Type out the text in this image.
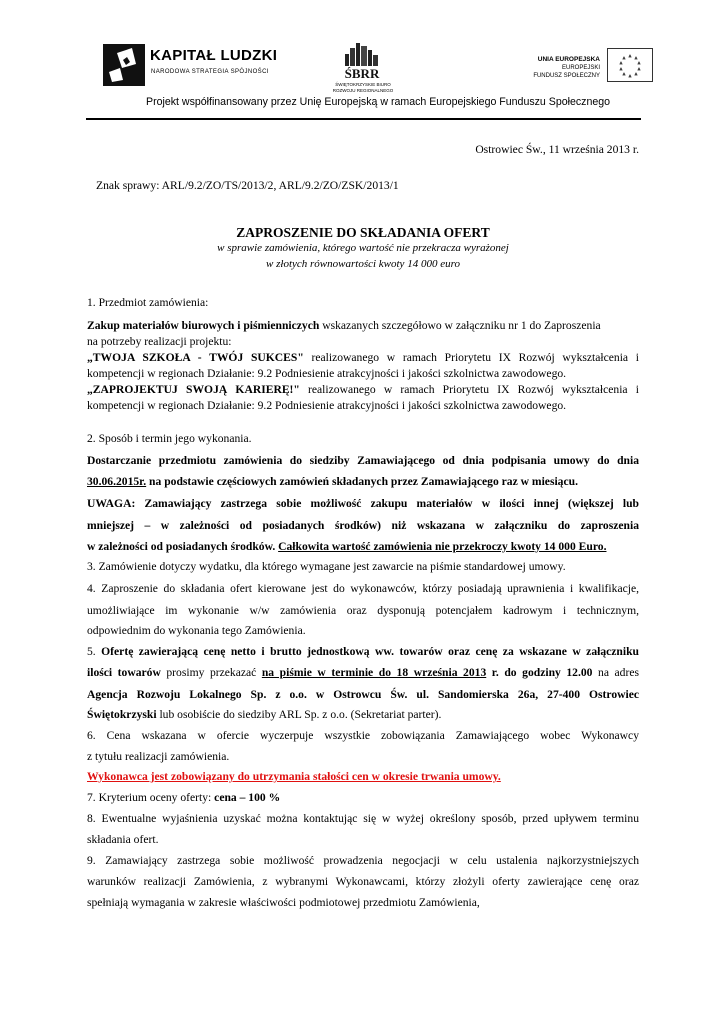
KAPITAŁ LUDZKI
NARODOWA STRATEGIA SPÓJNOŚCI	ŚBRR
ŚWIĘTOKRZYSKIE BIURO ROZWOJU REGIONALNEGO
UNIA EUROPEJSKA
EUROPEJSKI
FUNDUSZ SPOŁECZNY
Projekt współfinansowany przez Unię Europejską w ramach Europejskiego Funduszu Społecznego

Ostrowiec Św., 11 września 2013 r.

Znak sprawy: ARL/9.2/ZO/TS/2013/2, ARL/9.2/ZO/ZSK/2013/1

ZAPROSZENIE DO SKŁADANIA OFERT

w sprawie zamówienia, którego wartość nie przekracza wyrażonej

w złotych równowartości kwoty 14 000 euro

1. Przedmiot zamówienia:

Zakup materiałów biurowych i piśmienniczych wskazanych szczegółowo w załączniku nr 1 do Zaproszenia

na potrzeby realizacji projektu:

„TWOJA SZKOŁA - TWÓJ SUKCES" realizowanego w ramach Priorytetu IX Rozwój wykształcenia i

kompetencji w regionach Działanie: 9.2 Podniesienie atrakcyjności i jakości szkolnictwa zawodowego.

„ZAPROJEKTUJ SWOJĄ KARIERĘ!" realizowanego w ramach Priorytetu IX Rozwój wykształcenia i

kompetencji w regionach Działanie: 9.2 Podniesienie atrakcyjności i jakości szkolnictwa zawodowego.

2. Sposób i termin jego wykonania.

Dostarczanie przedmiotu zamówienia do siedziby Zamawiającego od dnia podpisania umowy do dnia

30.06.2015r. na podstawie częściowych zamówień składanych przez Zamawiającego raz w miesiącu.

UWAGA: Zamawiający zastrzega sobie możliwość zakupu materiałów w ilości innej (większej lub

mniejszej – w zależności od posiadanych środków) niż wskazana w załączniku do zaproszenia

w zależności od posiadanych środków. Całkowita wartość zamówienia nie przekroczy kwoty 14 000 Euro.

3. Zamówienie dotyczy wydatku, dla którego wymagane jest zawarcie na piśmie standardowej umowy.

4. Zaproszenie do składania ofert kierowane jest do wykonawców, którzy posiadają uprawnienia i kwalifikacje,

umożliwiające im wykonanie w/w zamówienia oraz dysponują potencjałem kadrowym i technicznym,

odpowiednim do wykonania tego Zamówienia.

5. Ofertę zawierającą cenę netto i brutto jednostkową ww. towarów oraz cenę za wskazane w załączniku

ilości towarów prosimy przekazać na piśmie w terminie do 18 września 2013 r. do godziny 12.00 na adres

Agencja Rozwoju Lokalnego Sp. z o.o. w Ostrowcu Św. ul. Sandomierska 26a, 27-400 Ostrowiec

Świętokrzyski lub osobiście do siedziby ARL Sp. z o.o. (Sekretariat parter).

6. Cena wskazana w ofercie wyczerpuje wszystkie zobowiązania Zamawiającego wobec Wykonawcy

z tytułu realizacji zamówienia.

Wykonawca jest zobowiązany do utrzymania stałości cen w okresie trwania umowy.

7. Kryterium oceny oferty: cena – 100 %

8. Ewentualne wyjaśnienia uzyskać można kontaktując się w wyżej określony sposób, przed upływem terminu

składania ofert.

9. Zamawiający zastrzega sobie możliwość prowadzenia negocjacji w celu ustalenia najkorzystniejszych

warunków realizacji Zamówienia, z wybranymi Wykonawcami, którzy złożyli oferty zawierające cenę oraz

spełniają wymagania w zakresie właściwości podmiotowej przedmiotu Zamówienia,
